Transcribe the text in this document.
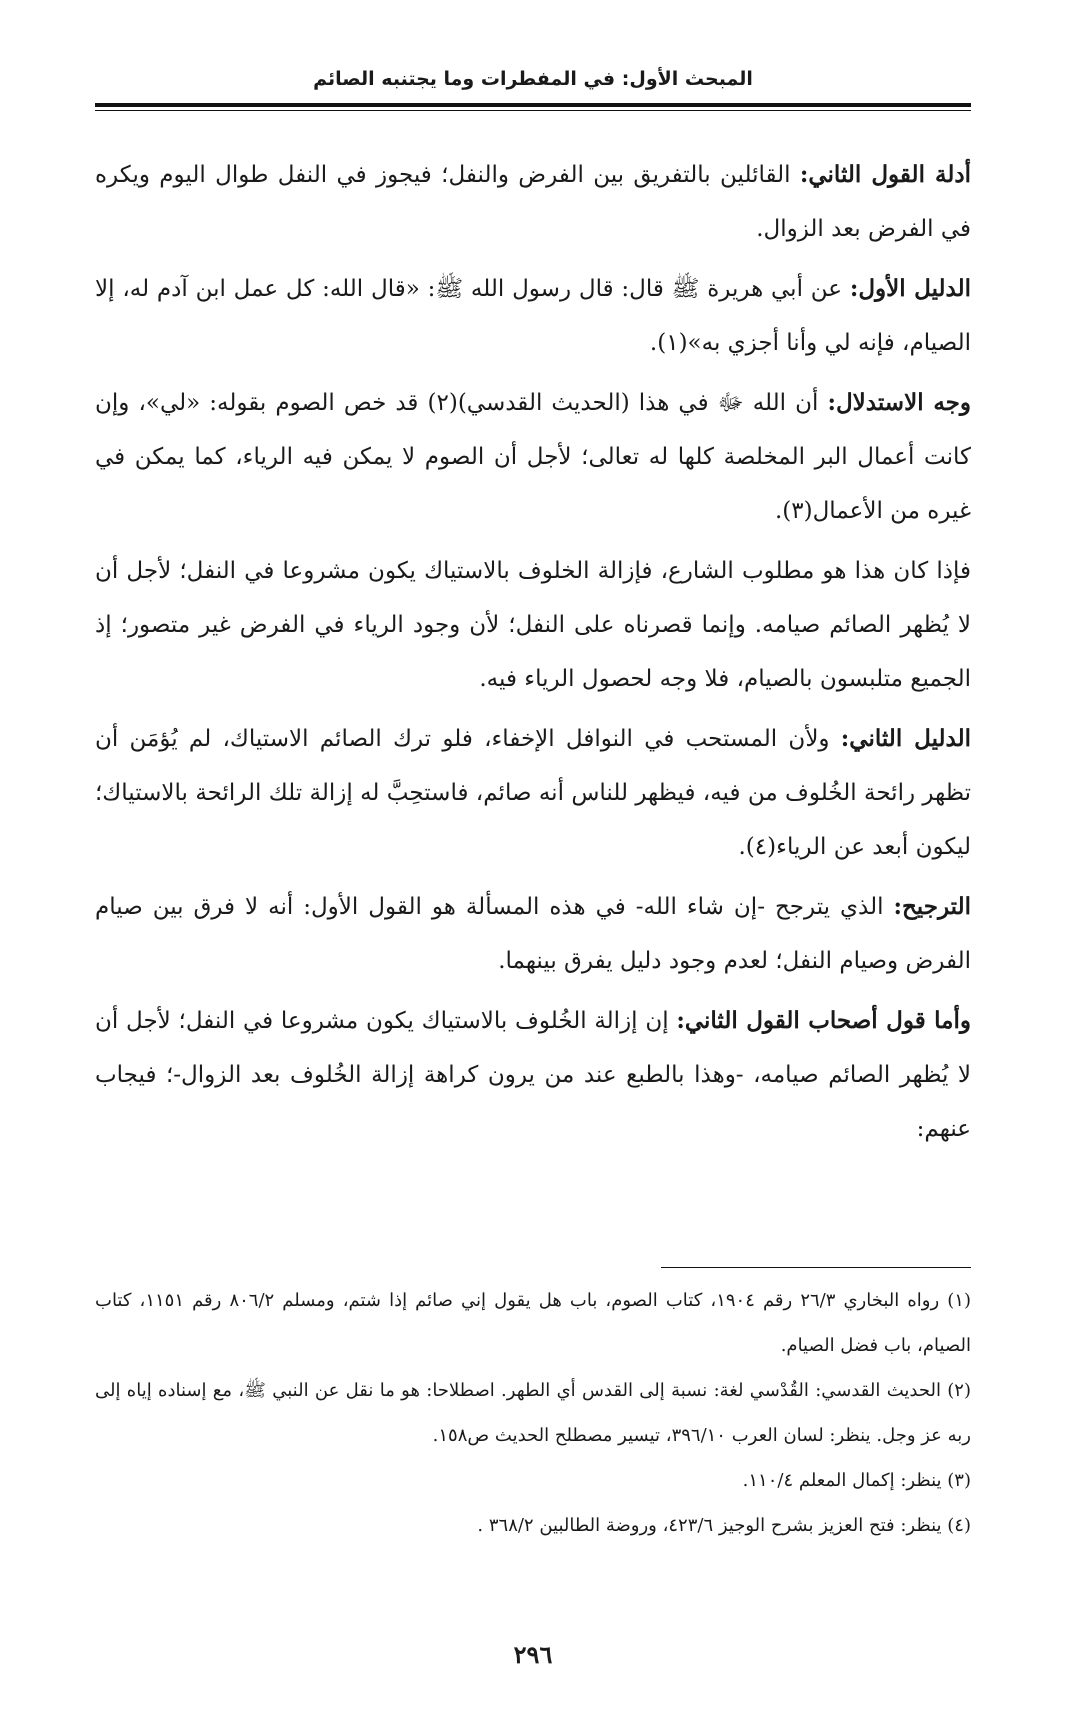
المبحث الأول: في المفطرات وما يجتنبه الصائم

أدلة القول الثاني: القائلين بالتفريق بين الفرض والنفل؛ فيجوز في النفل طوال اليوم ويكره في الفرض بعد الزوال.

الدليل الأول: عن أبي هريرة ﷺ قال: قال رسول الله ﷺ: «قال الله: كل عمل ابن آدم له، إلا الصيام، فإنه لي وأنا أجزي به»(١).

وجه الاستدلال: أن الله ﷻ في هذا (الحديث القدسي)(٢) قد خص الصوم بقوله: «لي»، وإن كانت أعمال البر المخلصة كلها له تعالى؛ لأجل أن الصوم لا يمكن فيه الرياء، كما يمكن في غيره من الأعمال(٣).

فإذا كان هذا هو مطلوب الشارع، فإزالة الخلوف بالاستياك يكون مشروعا في النفل؛ لأجل أن لا يُظهر الصائم صيامه. وإنما قصرناه على النفل؛ لأن وجود الرياء في الفرض غير متصور؛ إذ الجميع متلبسون بالصيام، فلا وجه لحصول الرياء فيه.

الدليل الثاني: ولأن المستحب في النوافل الإخفاء، فلو ترك الصائم الاستياك، لم يُؤمَن أن تظهر رائحة الخُلوف من فيه، فيظهر للناس أنه صائم، فاستحِبَّ له إزالة تلك الرائحة بالاستياك؛ ليكون أبعد عن الرياء(٤).

الترجيح: الذي يترجح -إن شاء الله- في هذه المسألة هو القول الأول: أنه لا فرق بين صيام الفرض وصيام النفل؛ لعدم وجود دليل يفرق بينهما.

وأما قول أصحاب القول الثاني: إن إزالة الخُلوف بالاستياك يكون مشروعا في النفل؛ لأجل أن لا يُظهر الصائم صيامه، -وهذا بالطبع عند من يرون كراهة إزالة الخُلوف بعد الزوال-؛ فيجاب عنهم:

(١) رواه البخاري ٢٦/٣ رقم ١٩٠٤، كتاب الصوم، باب هل يقول إني صائم إذا شتم، ومسلم ٨٠٦/٢ رقم ١١٥١، كتاب الصيام، باب فضل الصيام.

(٢) الحديث القدسي: القُدْسي لغة: نسبة إلى القدس أي الطهر. اصطلاحا: هو ما نقل عن النبي ﷺ، مع إسناده إياه إلى ربه عز وجل. ينظر: لسان العرب ٣٩٦/١٠، تيسير مصطلح الحديث ص١٥٨.

(٣) ينظر: إكمال المعلم ١١٠/٤.

(٤) ينظر: فتح العزيز بشرح الوجيز ٤٢٣/٦، وروضة الطالبين ٣٦٨/٢ .

٢٩٦
